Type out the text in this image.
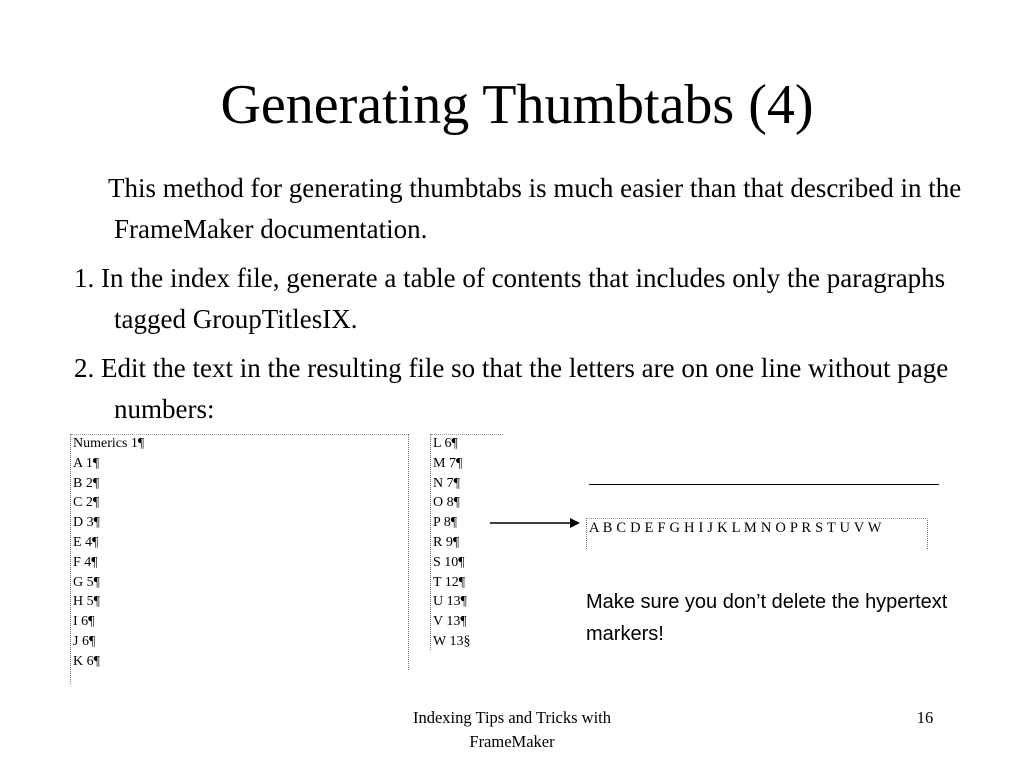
Generating Thumbtabs (4)
This method for generating thumbtabs is much easier than that described in the FrameMaker documentation.
1. In the index file, generate a table of contents that includes only the paragraphs tagged GroupTitlesIX.
2. Edit the text in the resulting file so that the letters are on one line without page numbers:
Numerics 1¶
A 1¶
B 2¶
C 2¶
D 3¶
E 4¶
F 4¶
G 5¶
H 5¶
I 6¶
J 6¶
K 6¶
L 6¶
M 7¶
N 7¶
O 8¶
P 8¶
R 9¶
S 10¶
T 12¶
U 13¶
V 13¶
W 13§
A B C D E F G H I J K L M N O P R S T U V W
Make sure you don’t delete the hypertext markers!
Indexing Tips and Tricks with FrameMaker
16
